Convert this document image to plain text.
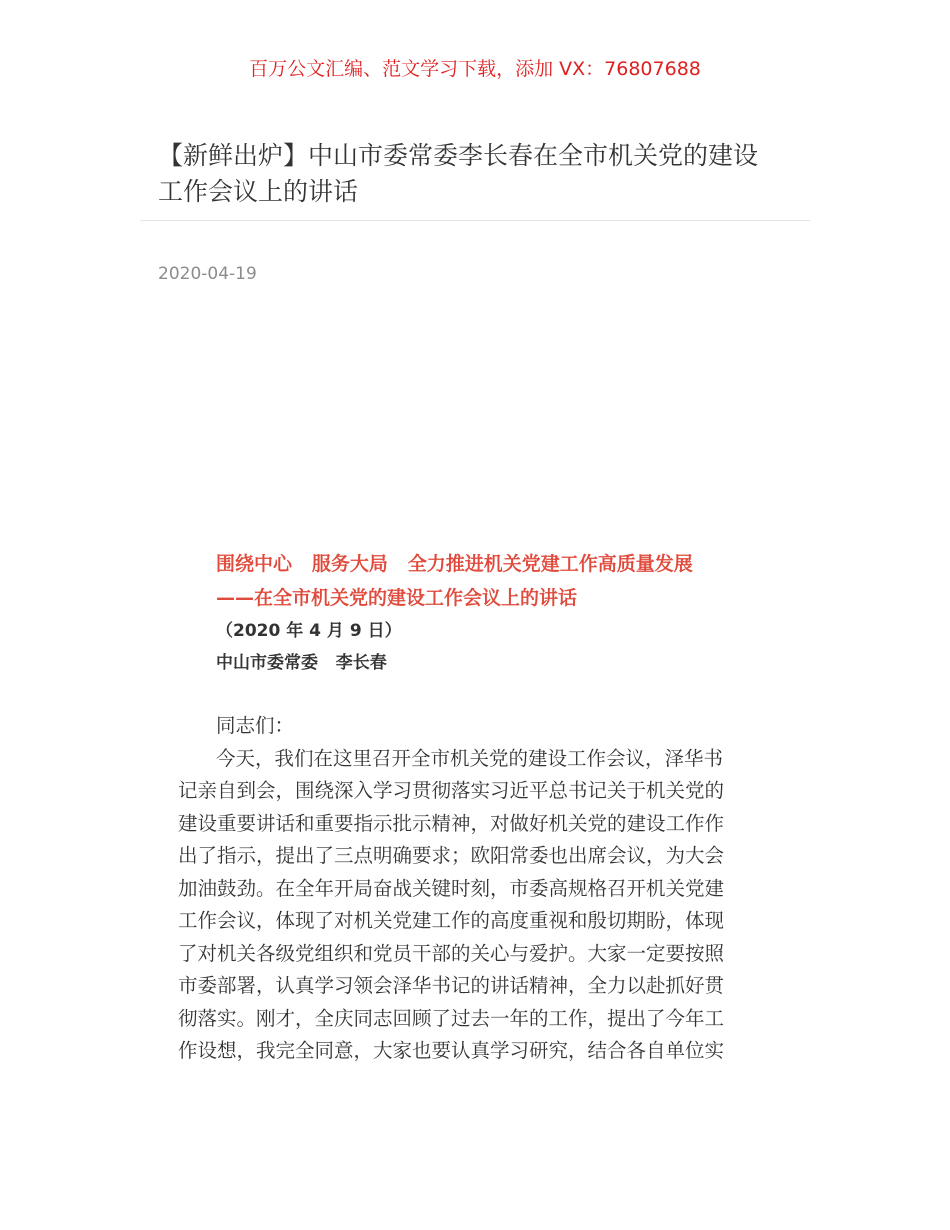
百万公文汇编、范文学习下载，添加 VX：76807688
【新鲜出炉】中山市委常委李长春在全市机关党的建设
工作会议上的讲话
2020-04-19
围绕中心   服务大局   全力推进机关党建工作高质量发展
——在全市机关党的建设工作会议上的讲话
（2020 年 4 月 9 日）
中山市委常委   李长春
同志们：
今天，我们在这里召开全市机关党的建设工作会议，泽华书
记亲自到会，围绕深入学习贯彻落实习近平总书记关于机关党的
建设重要讲话和重要指示批示精神，对做好机关党的建设工作作
出了指示，提出了三点明确要求；欧阳常委也出席会议，为大会
加油鼓劲。在全年开局奋战关键时刻，市委高规格召开机关党建
工作会议，体现了对机关党建工作的高度重视和殷切期盼，体现
了对机关各级党组织和党员干部的关心与爱护。大家一定要按照
市委部署，认真学习领会泽华书记的讲话精神，全力以赴抓好贯
彻落实。刚才，全庆同志回顾了过去一年的工作，提出了今年工
作设想，我完全同意，大家也要认真学习研究，结合各自单位实
